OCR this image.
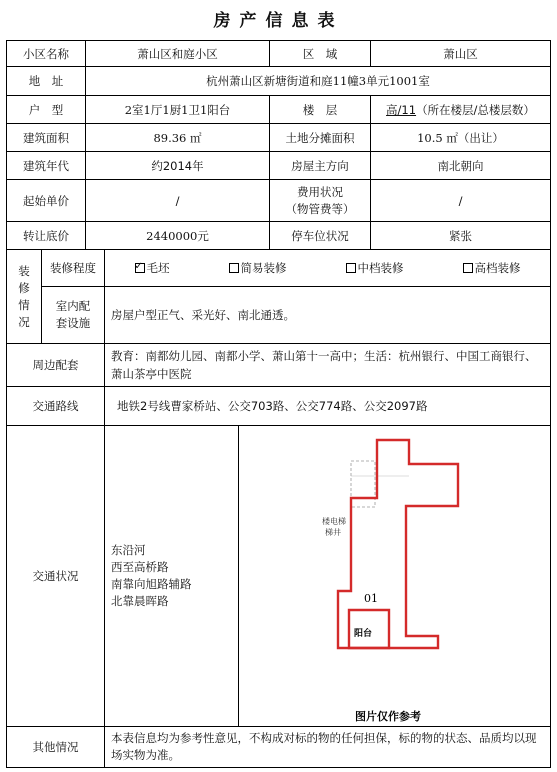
房产信息表
小区名称	萧山区和庭小区	区　域	萧山区
地　址	杭州萧山区新塘街道和庭11幢3单元1001室
户　型	2室1厅1厨1卫1阳台	楼　层	高/11 （所在楼层/总楼层数）
建筑面积	89.36 ㎡	土地分摊面积	10.5 ㎡（出让）
建筑年代	约2014年	房屋主方向	南北朝向
起始单价	/
费用状况
（物管费等）
/
转让底价	2440000元	停车位状况	紧张
装
修
情
况
装修程度
✓	毛坯	简易装修	中档装修	高档装修
室内配
套设施
房屋户型正气、采光好、南北通透。
周边配套
教育：南都幼儿园、南都小学、萧山第十一高中；生活：杭州银行、中国工商银行、萧山茶亭中医院
交通路线	地铁2号线曹家桥站、公交703路、公交774路、公交2097路
交通状况
东沿河
西至高桥路
南靠向旭路辅路
北靠晨晖路
阳台
01
楼电梯
梯井
图片仅作参考
其他情况
本表信息均为参考性意见，不构成对标的物的任何担保，标的物的状态、品质均以现场实物为准。
